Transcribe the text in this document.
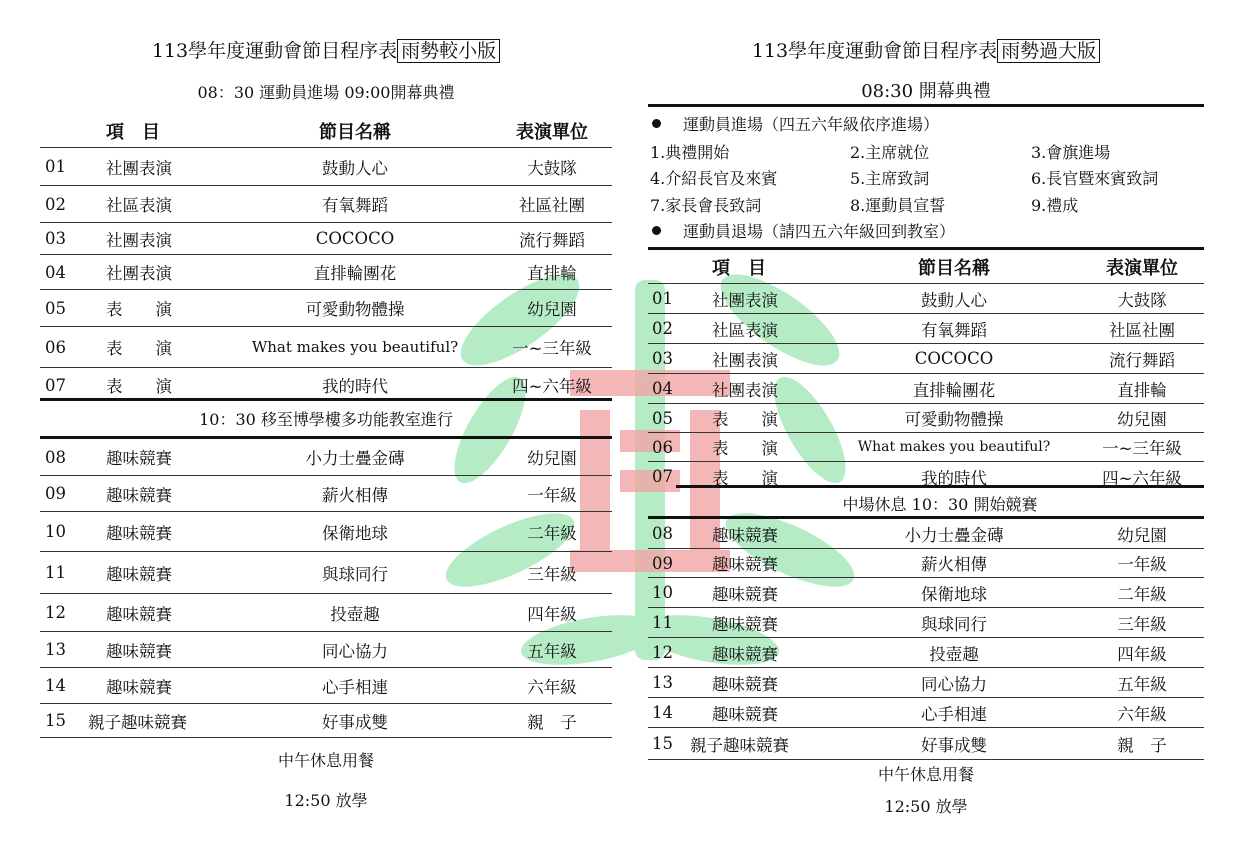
113學年度運動會節目程序表 雨勢較小版
08：30 運動員進場 09:00開幕典禮
項　目	節目名稱	表演單位
01 社團表演	鼓動人心	大鼓隊
02 社區表演	有氧舞蹈	社區社團
03 社團表演	COCOCO	流行舞蹈
04 社團表演	直排輪團花	直排輪
05 表　　演	可愛動物體操	幼兒園
06 表　　演	What makes you beautiful?	一~三年級
07 表　　演	我的時代	四~六年級
10：30 移至博學樓多功能教室進行
08 趣味競賽	小力士疊金磚	幼兒園
09 趣味競賽	薪火相傳	一年級
10 趣味競賽	保衛地球	二年級
11 趣味競賽	與球同行	三年級
12 趣味競賽	投壺趣	四年級
13 趣味競賽	同心協力	五年級
14 趣味競賽	心手相連	六年級
15 親子趣味競賽	好事成雙	親　子
中午休息用餐
12:50 放學
113學年度運動會節目程序表 雨勢過大版
08:30 開幕典禮
運動員進場（四五六年級依序進場）
1.典禮開始	2.主席就位	3.會旗進場
4.介紹長官及來賓	5.主席致詞	6.長官暨來賓致詞
7.家長會長致詞	8.運動員宣誓	9.禮成
運動員退場（請四五六年級回到教室）
項　目	節目名稱	表演單位
01 社團表演	鼓動人心	大鼓隊
02 社區表演	有氧舞蹈	社區社團
03 社團表演	COCOCO	流行舞蹈
04 社團表演	直排輪團花	直排輪
05 表　　演	可愛動物體操	幼兒園
06 表　　演	What makes you beautiful?	一~三年級
07 表　　演	我的時代	四~六年級
中場休息 10：30 開始競賽
08 趣味競賽	小力士疊金磚	幼兒園
09 趣味競賽	薪火相傳	一年級
10 趣味競賽	保衛地球	二年級
11 趣味競賽	與球同行	三年級
12 趣味競賽	投壺趣	四年級
13 趣味競賽	同心協力	五年級
14 趣味競賽	心手相連	六年級
15 親子趣味競賽	好事成雙	親　子
中午休息用餐
12:50 放學
